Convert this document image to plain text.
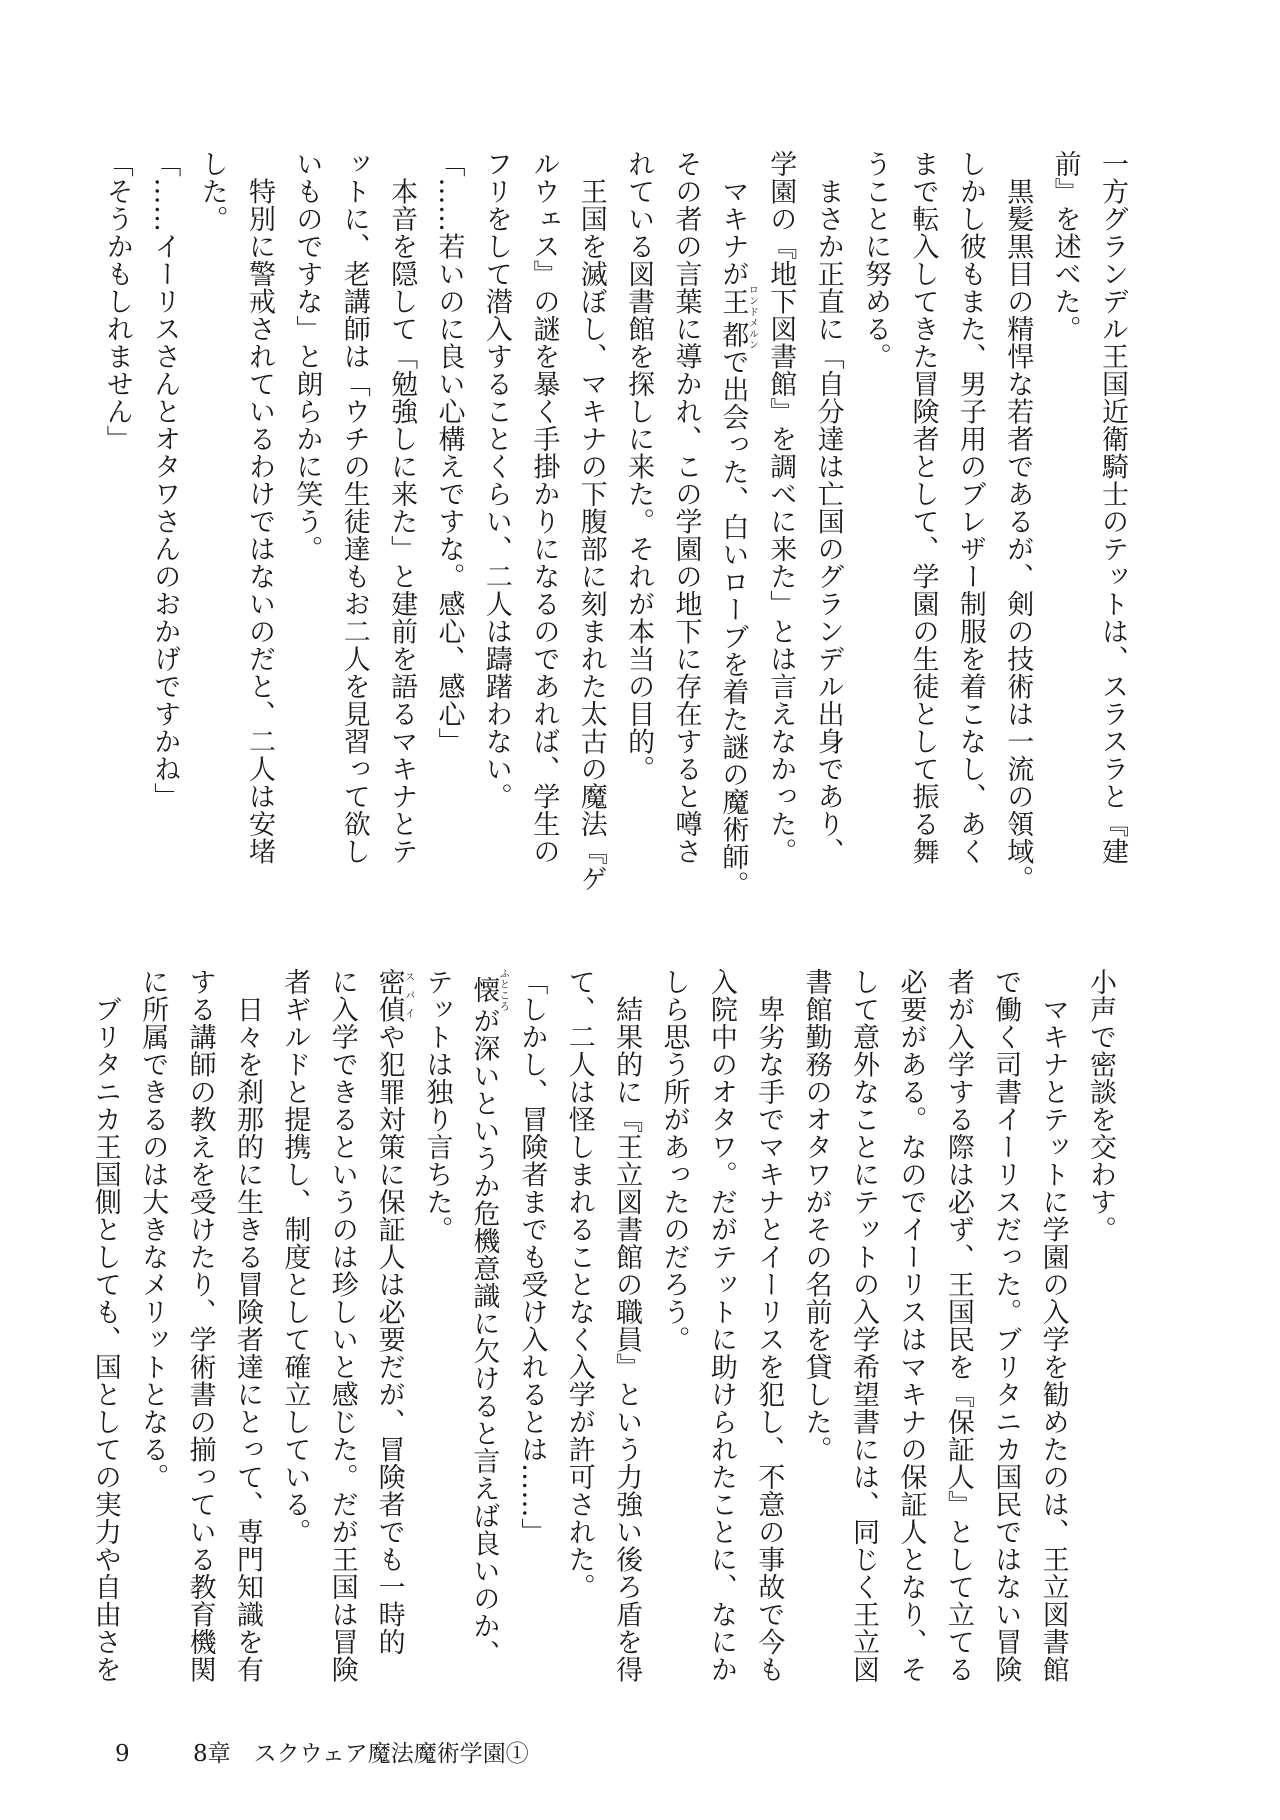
一方グランデル王国近衛騎士のテットは、スラスラと『建
前』を述べた。
　黒髪黒目の精悍な若者であるが、剣の技術は一流の領域。
しかし彼もまた、男子用のブレザー制服を着こなし、あく
まで転入してきた冒険者として、学園の生徒として振る舞
うことに努める。
　まさか正直に「自分達は亡国のグランデル出身であり、
学園の『地下図書館』を調べに来た」とは言えなかった。
　マキナが王都ロンドメルンで出会った、白いローブを着た謎の魔術師。
その者の言葉に導かれ、この学園の地下に存在すると噂さ
れている図書館を探しに来た。それが本当の目的。
　王国を滅ぼし、マキナの下腹部に刻まれた太古の魔法『ゲ
ルウェス』の謎を暴く手掛かりになるのであれば、学生の
フリをして潜入することくらい、二人は躊躇わない。
「……若いのに良い心構えですな。感心、感心」
　本音を隠して「勉強しに来た」と建前を語るマキナとテ
ットに、老講師は「ウチの生徒達もお二人を見習って欲し
いものですな」と朗らかに笑う。
　特別に警戒されているわけではないのだと、二人は安堵
した。
「……イーリスさんとオタワさんのおかげですかね」
「そうかもしれません」
小声で密談を交わす。
　マキナとテットに学園の入学を勧めたのは、王立図書館
で働く司書イーリスだった。ブリタニカ国民ではない冒険
者が入学する際は必ず、王国民を『保証人』として立てる
必要がある。なのでイーリスはマキナの保証人となり、そ
して意外なことにテットの入学希望書には、同じく王立図
書館勤務のオタワがその名前を貸した。
　卑劣な手でマキナとイーリスを犯し、不意の事故で今も
入院中のオタワ。だがテットに助けられたことに、なにか
しら思う所があったのだろう。
　結果的に『王立図書館の職員』という力強い後ろ盾を得
て、二人は怪しまれることなく入学が許可された。
「しかし、冒険者までも受け入れるとは……」
懐ふところが深いというか危機意識に欠けると言えば良いのか、
テットは独り言ちた。
密偵スパイや犯罪対策に保証人は必要だが、冒険者でも一時的
に入学できるというのは珍しいと感じた。だが王国は冒険
者ギルドと提携し、制度として確立している。
　日々を刹那的に生きる冒険者達にとって、専門知識を有
する講師の教えを受けたり、学術書の揃っている教育機関
に所属できるのは大きなメリットとなる。
　ブリタニカ王国側としても、国としての実力や自由さを
9	8章　スクウェア魔法魔術学園①
